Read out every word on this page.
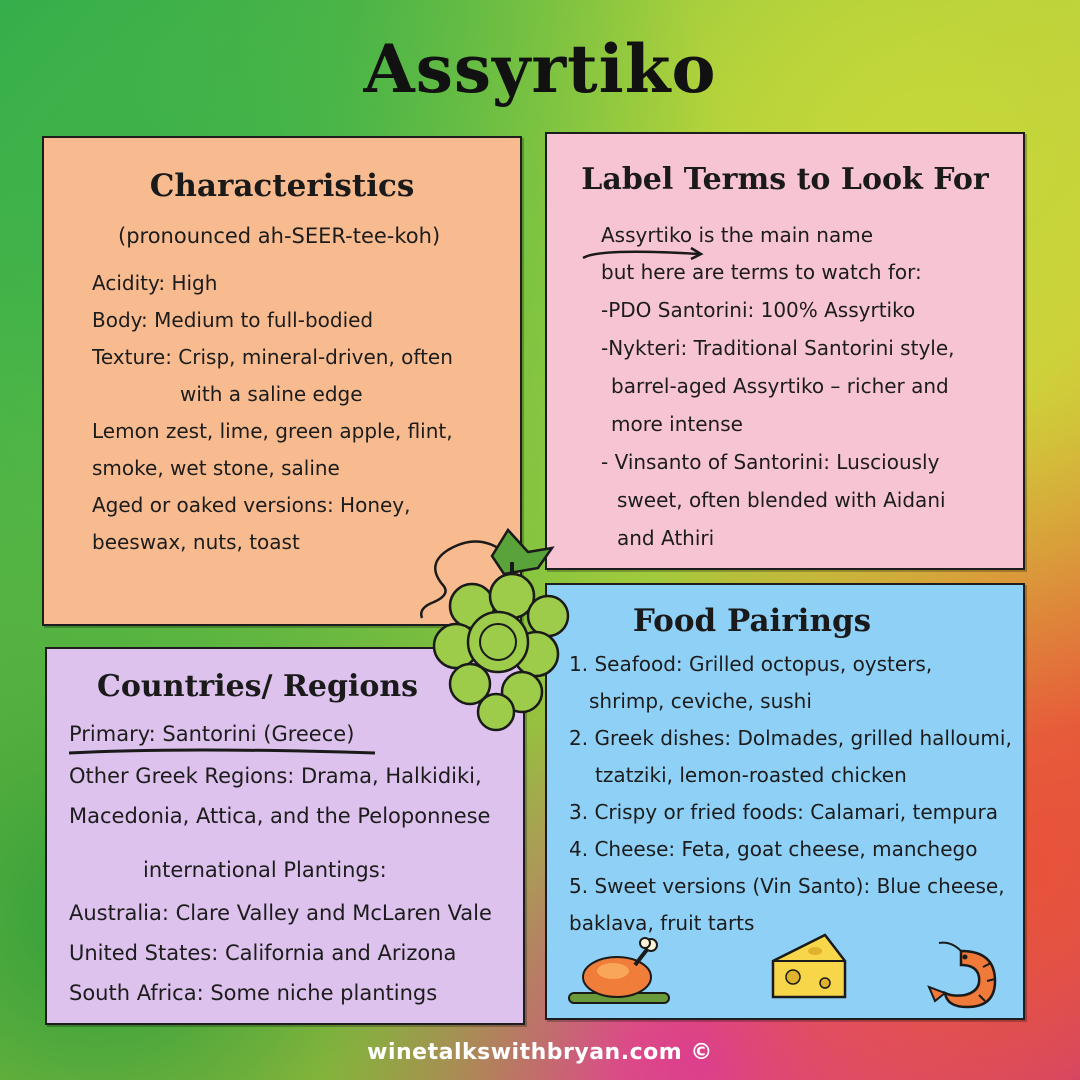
Assyrtiko
Characteristics
(pronounced ah-SEER-tee-koh)
Acidity: High
Body: Medium to full-bodied
Texture: Crisp, mineral-driven, often
with a saline edge
Lemon zest, lime, green apple, flint,
smoke, wet stone, saline
Aged or oaked versions: Honey,
beeswax, nuts, toast
Label Terms to Look For
Assyrtiko is the main name
but here are terms to watch for:
-PDO Santorini: 100% Assyrtiko
-Nykteri: Traditional Santorini style,
barrel-aged Assyrtiko – richer and
more intense
- Vinsanto of Santorini: Lusciously
sweet, often blended with Aidani
and Athiri
Countries/ Regions
Primary: Santorini (Greece)
Other Greek Regions: Drama, Halkidiki,
Macedonia, Attica, and the Peloponnese
international Plantings:
Australia: Clare Valley and McLaren Vale
United States: California and Arizona
South Africa: Some niche plantings
Food Pairings
1. Seafood: Grilled octopus, oysters,
shrimp, ceviche, sushi
2. Greek dishes: Dolmades, grilled halloumi,
tzatziki, lemon-roasted chicken
3. Crispy or fried foods: Calamari, tempura
4. Cheese: Feta, goat cheese, manchego
5. Sweet versions (Vin Santo): Blue cheese,
baklava, fruit tarts
winetalkswithbryan.com ©
